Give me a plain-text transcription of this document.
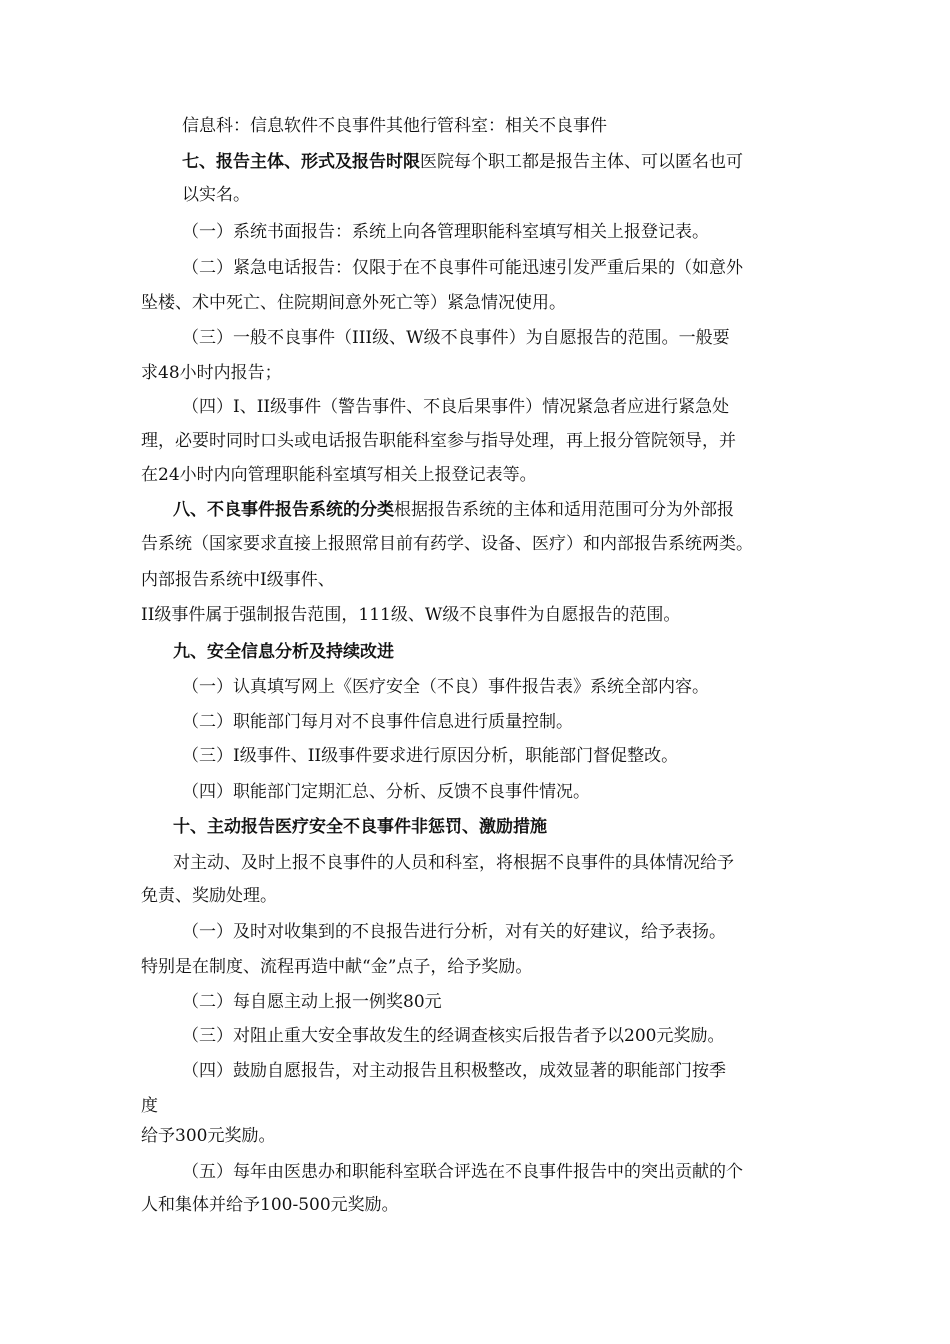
信息科：信息软件不良事件其他行管科室：相关不良事件
七、报告主体、形式及报告时限医院每个职工都是报告主体、可以匿名也可
以实名。
（一）系统书面报告：系统上向各管理职能科室填写相关上报登记表。
（二）紧急电话报告：仅限于在不良事件可能迅速引发严重后果的（如意外
坠楼、术中死亡、住院期间意外死亡等）紧急情况使用。
（三）一般不良事件（III级、W级不良事件）为自愿报告的范围。一般要
求48小时内报告；
（四）I、II级事件（警告事件、不良后果事件）情况紧急者应进行紧急处
理，必要时同时口头或电话报告职能科室参与指导处理，再上报分管院领导，并
在24小时内向管理职能科室填写相关上报登记表等。
八、不良事件报告系统的分类根据报告系统的主体和适用范围可分为外部报
告系统（国家要求直接上报照常目前有药学、设备、医疗）和内部报告系统两类。
内部报告系统中I级事件、
II级事件属于强制报告范围，111级、W级不良事件为自愿报告的范围。
九、安全信息分析及持续改进
（一）认真填写网上《医疗安全（不良）事件报告表》系统全部内容。
（二）职能部门每月对不良事件信息进行质量控制。
（三）I级事件、II级事件要求进行原因分析，职能部门督促整改。
（四）职能部门定期汇总、分析、反馈不良事件情况。
十、主动报告医疗安全不良事件非惩罚、激励措施
对主动、及时上报不良事件的人员和科室，将根据不良事件的具体情况给予
免责、奖励处理。
（一）及时对收集到的不良报告进行分析，对有关的好建议，给予表扬。
特别是在制度、流程再造中献“金”点子，给予奖励。
（二）每自愿主动上报一例奖80元
（三）对阻止重大安全事故发生的经调查核实后报告者予以200元奖励。
（四）鼓励自愿报告，对主动报告且积极整改，成效显著的职能部门按季
度
给予300元奖励。
（五）每年由医患办和职能科室联合评选在不良事件报告中的突出贡献的个
人和集体并给予100-500元奖励。
